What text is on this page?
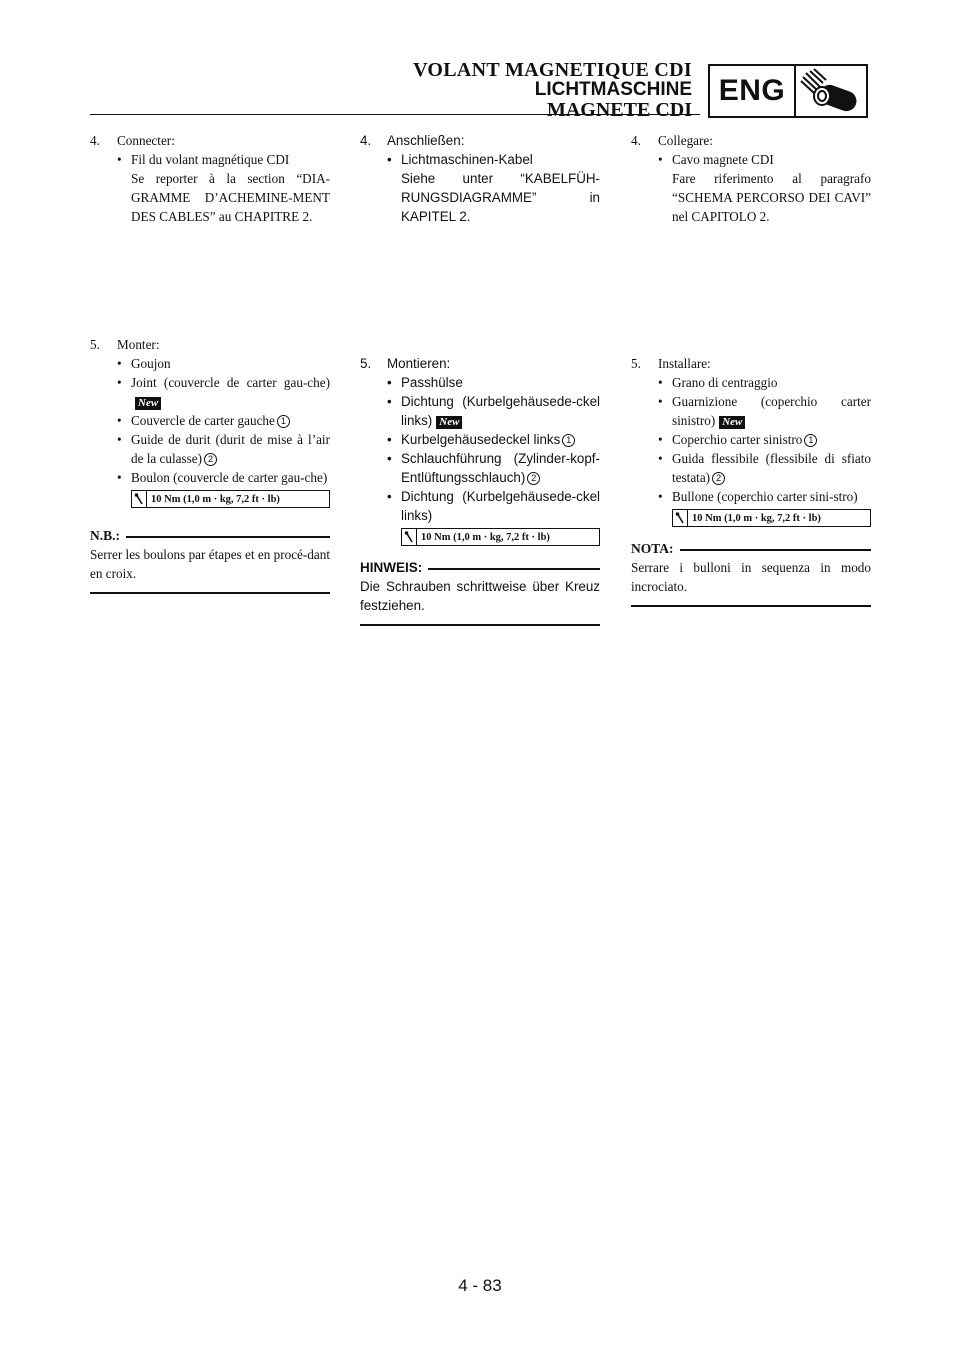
VOLANT MAGNETIQUE CDI
LICHTMASCHINE
MAGNETE CDI
ENG
4.	Connecter:
• Fil du volant magnétique CDI

Se reporter à la section “DIA-GRAMME D’ACHEMINE-MENT DES CABLES” au CHAPITRE 2.

5.	Monter:
• Goujon
• Joint (couvercle de carter gau-che)New
• Couvercle de carter gauche 1
• Guide de durit (durit de mise à l’air de la culasse) 2
• Boulon (couvercle de carter gau-che)
10 Nm (1,0 m · kg, 7,2 ft · lb)
N.B.:

Serrer les boulons par étapes et en procé-dant en croix.

4.	Anschließen:
• Lichtmaschinen-Kabel

Siehe unter “KABELFÜH-RUNGSDIAGRAMME” in KAPITEL 2.

5.	Montieren:
• Passhülse
• Dichtung (Kurbelgehäusede-ckel links) New
• Kurbelgehäusedeckel links 1
• Schlauchführung (Zylinder-kopf-Entlüftungsschlauch) 2
• Dichtung (Kurbelgehäusede-ckel links)
10 Nm (1,0 m · kg, 7,2 ft · lb)
HINWEIS:

Die Schrauben schrittweise über Kreuz festziehen.

4.	Collegare:
• Cavo magnete CDI

Fare riferimento al paragrafo “SCHEMA PERCORSO DEI CAVI” nel CAPITOLO 2.

5.	Installare:
• Grano di centraggio
• Guarnizione (coperchio carter sinistro) New
• Coperchio carter sinistro 1
• Guida flessibile (flessibile di sfiato testata) 2
• Bullone (coperchio carter sini-stro)
10 Nm (1,0 m · kg, 7,2 ft · lb)
NOTA:

Serrare i bulloni in sequenza in modo incrociato.

4 - 83
